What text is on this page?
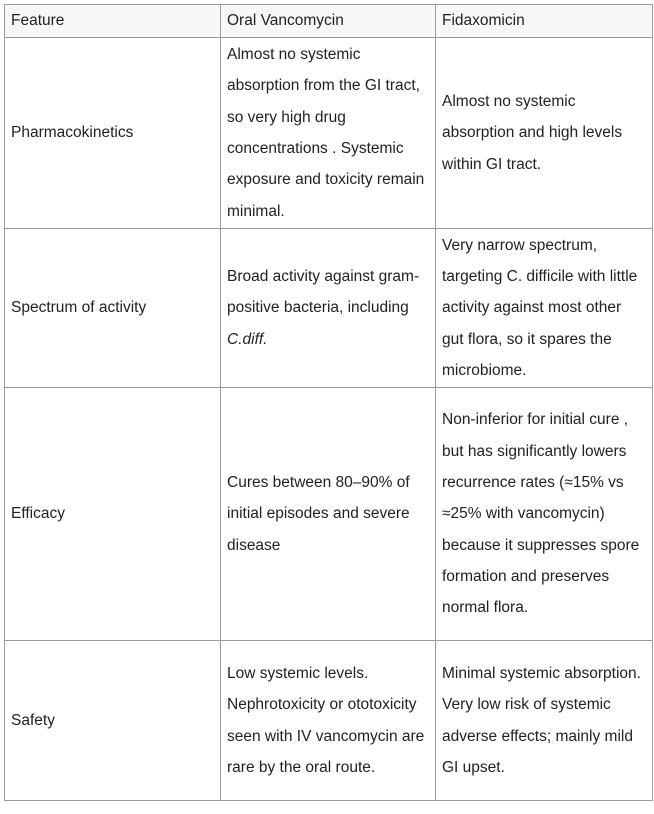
Feature	Oral Vancomycin	Fidaxomicin
Pharmacokinetics	Almost no systemic absorption from the GI tract, so very high drug concentrations . Systemic exposure and toxicity remain minimal.	Almost no systemic absorption and high levels within GI tract.
Spectrum of activity	Broad activity against gram-positive bacteria, including C.diff.	Very narrow spectrum, targeting C. difficile with little activity against most other gut flora, so it spares the microbiome.
Efficacy	Cures between 80–90% of initial episodes and severe disease	Non-inferior for initial cure , but has significantly lowers recurrence rates (≈15% vs ≈25% with vancomycin) because it suppresses spore formation and preserves normal flora.
Safety	Low systemic levels. Nephrotoxicity or ototoxicity seen with IV vancomycin are rare by the oral route.	Minimal systemic absorption. Very low risk of systemic adverse effects; mainly mild GI upset.
